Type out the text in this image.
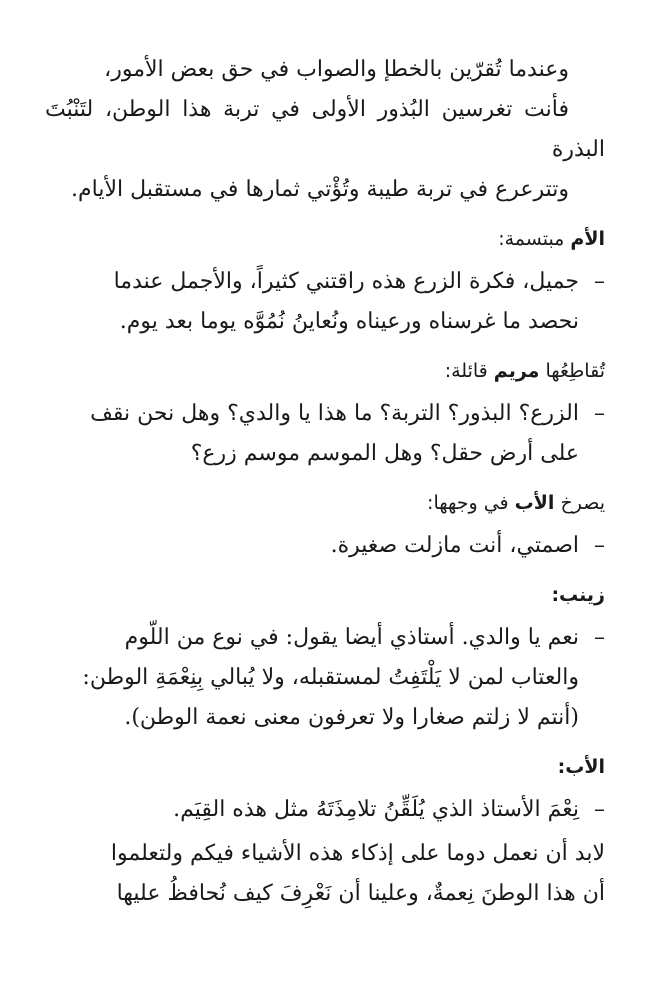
وعندما تُقرّين بالخطإ والصواب في حق بعض الأمور،
فأنت تغرسين البُذور الأولى في تربة هذا الوطن، لتَنْبُتَ البذرة
وتترعرع في تربة طيبة وتُؤْتي ثمارها في مستقبل الأيام.

الأم مبتسمة:

–جميل، فكرة الزرع هذه راقتني كثيراً، والأجمل عندما
نحصد ما غرسناه ورعيناه ونُعاينُ نُمُوَّه يوما بعد يوم.

تُقاطِعُها مريم قائلة:

–الزرع؟ البذور؟ التربة؟ ما هذا يا والدي؟ وهل نحن نقف
على أرض حقل؟ وهل الموسم موسم زرع؟

يصرخ الأب في وجهها:

–اصمتي، أنت مازلت صغيرة.

زينب:

–نعم يا والدي. أستاذي أيضا يقول: في نوع من اللّوم
والعتاب لمن لا يَلْتَفِتُ لمستقبله، ولا يُبالي بِنِعْمَةِ الوطن:
(أنتم لا زلتم صغارا ولا تعرفون معنى نعمة الوطن).

الأب:

–نِعْمَ الأستاذ الذي يُلَقِّنُ تلامِذَتَهُ مثل هذه القِيَم.

لابد أن نعمل دوما على إذكاء هذه الأشياء فيكم ولتعلموا
أن هذا الوطنَ نِعمةٌ، وعلينا أن نَعْرِفَ كيف نُحافظُ عليها
